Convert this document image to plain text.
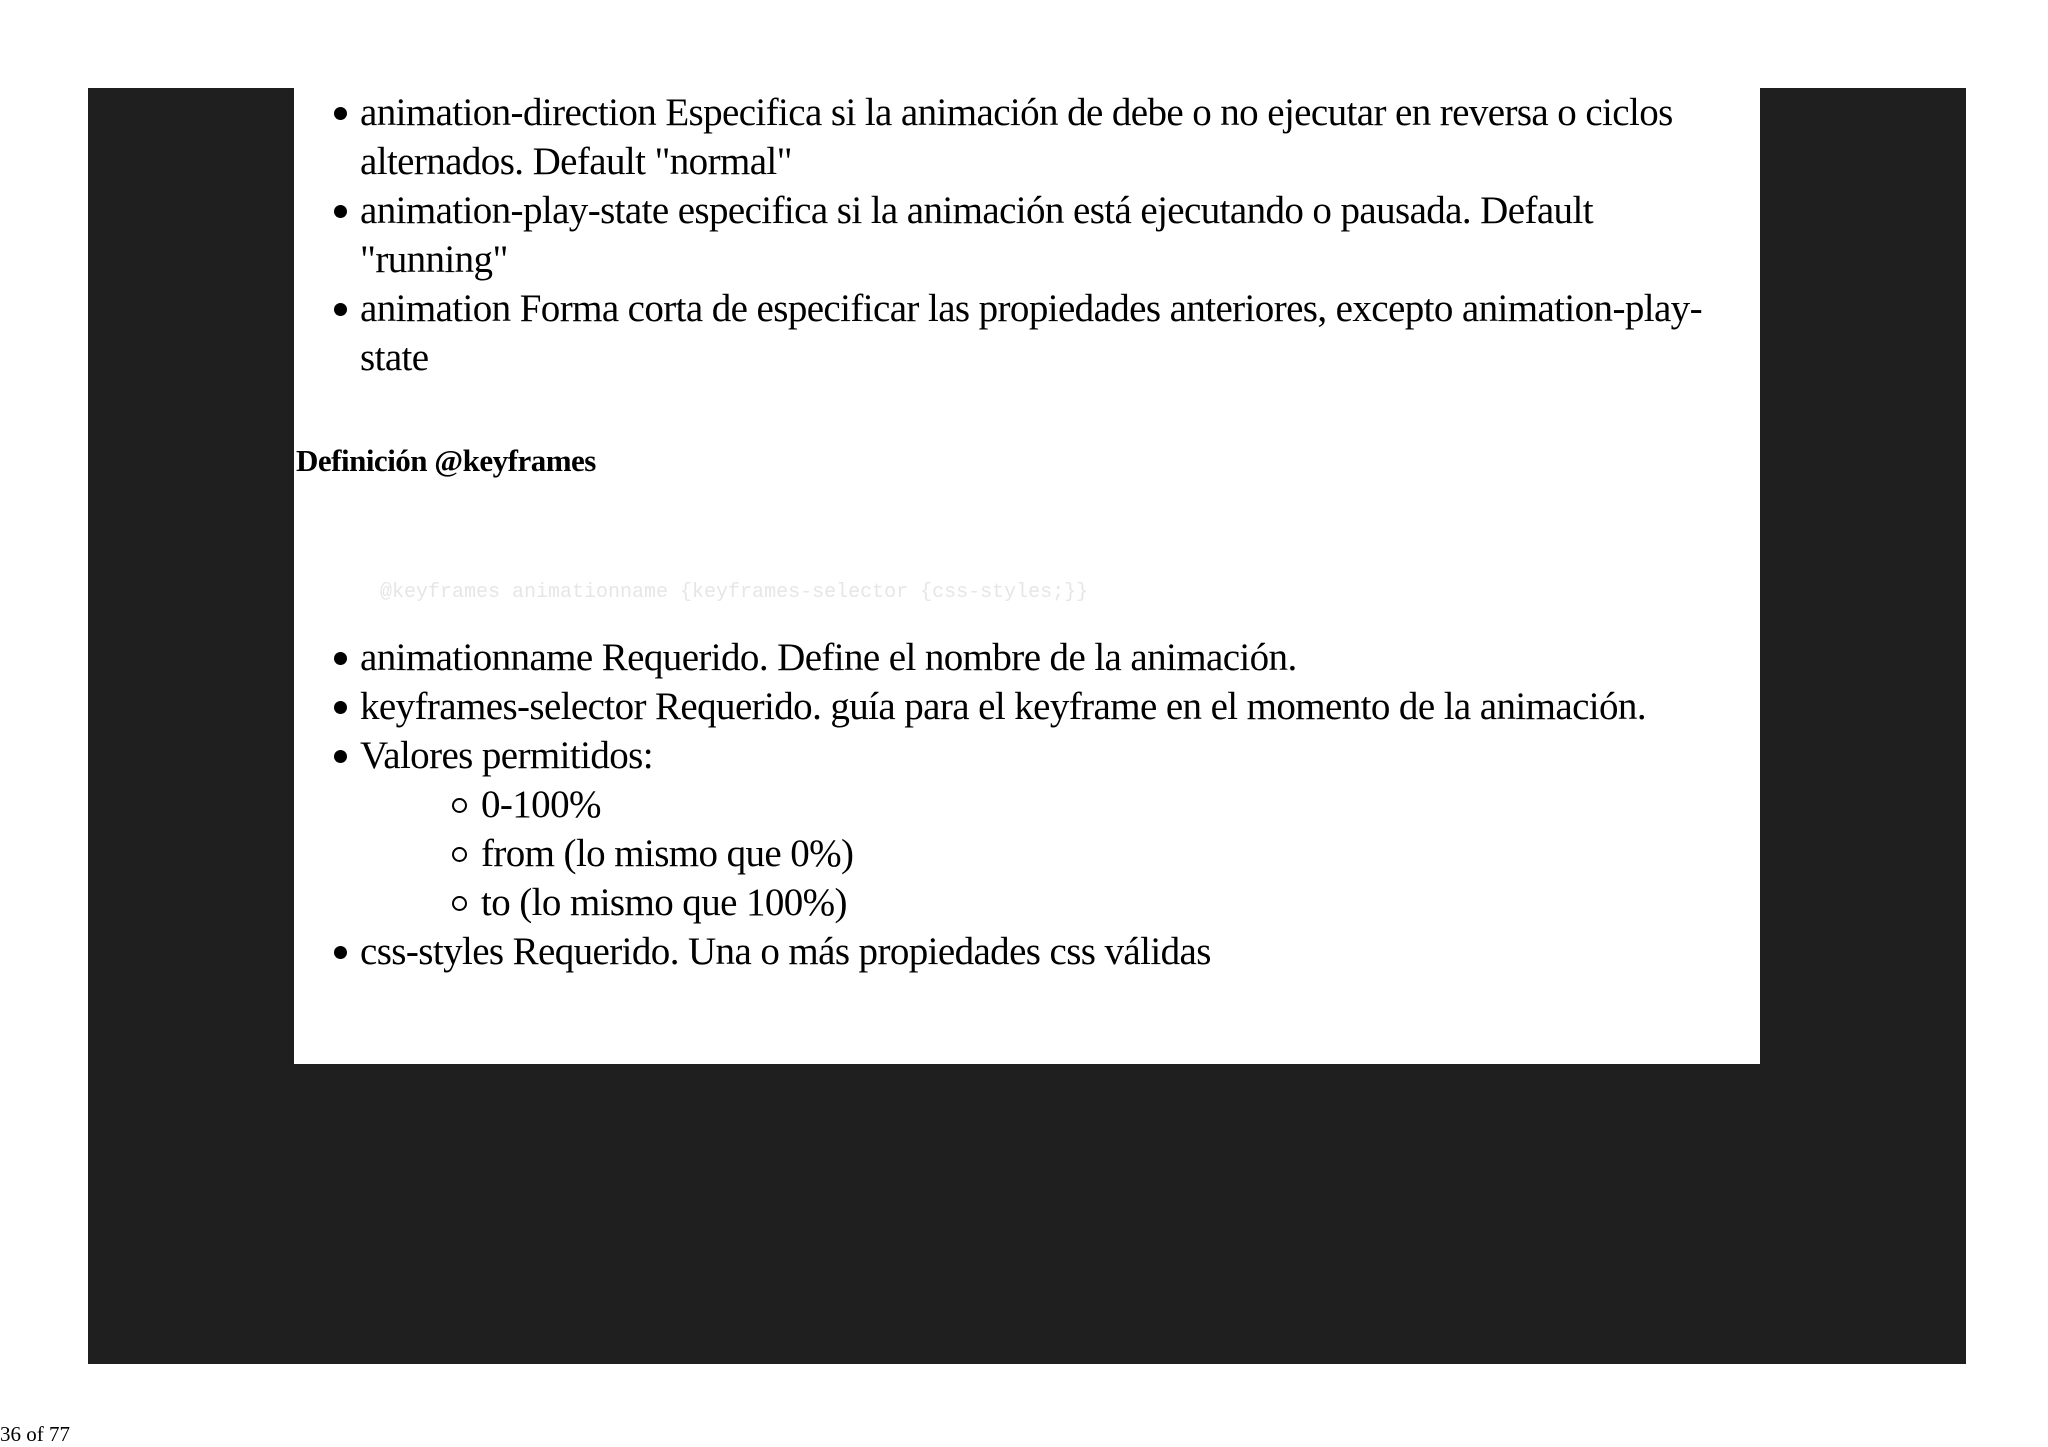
animation-direction Especifica si la animación de debe o no ejecutar en reversa o ciclos alternados. Default "normal"
animation-play-state especifica si la animación está ejecutando o pausada. Default "running"
animation Forma corta de especificar las propiedades anteriores, excepto animation-play-state
Definición @keyframes
@keyframes animationname {keyframes-selector {css-styles;}}
animationname Requerido. Define el nombre de la animación.
keyframes-selector Requerido. guía para el keyframe en el momento de la animación.
Valores permitidos:
0-100%
from (lo mismo que 0%)
to (lo mismo que 100%)
css-styles Requerido. Una o más propiedades css válidas
36 of 77
